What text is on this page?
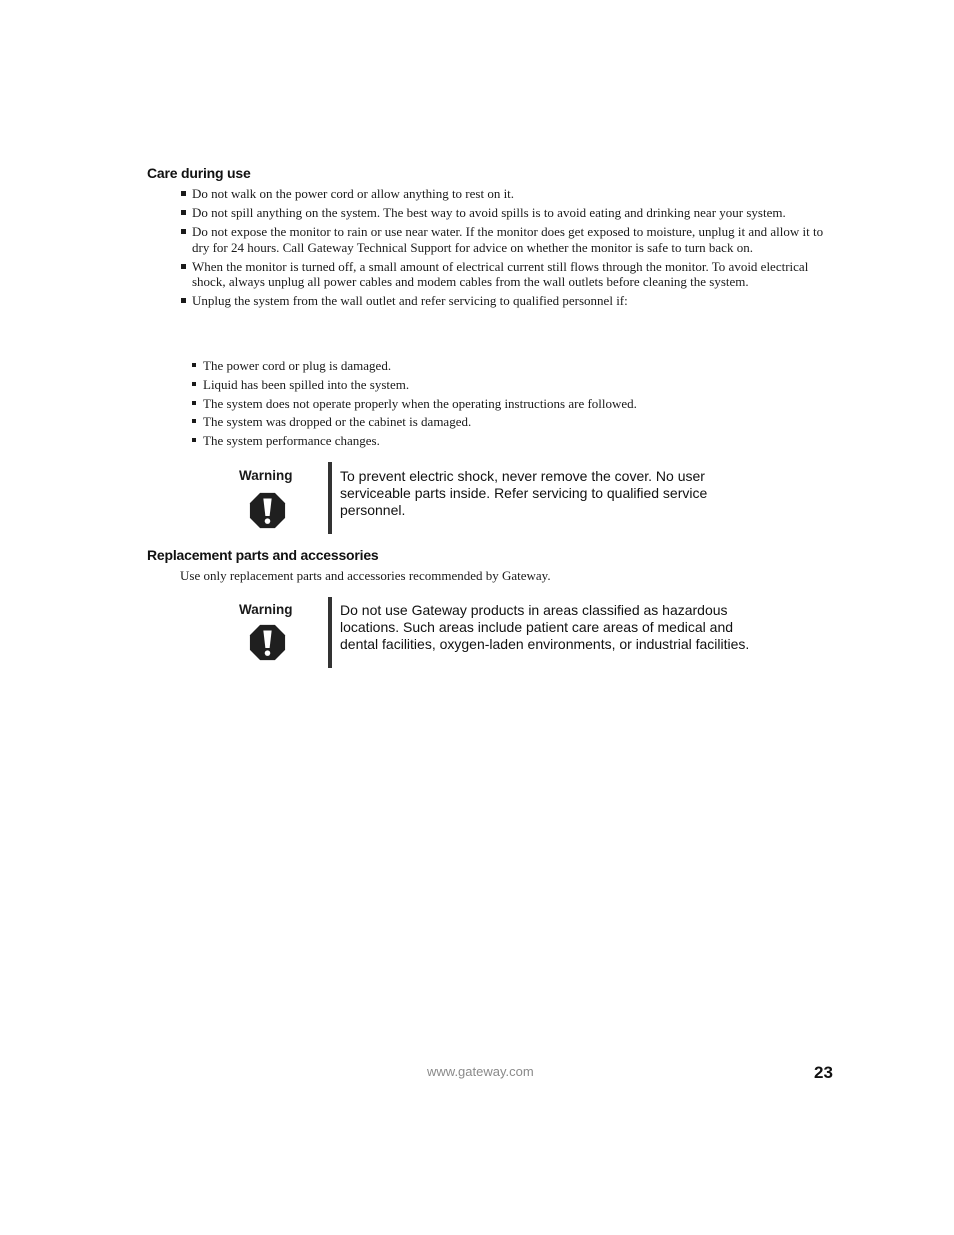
Care during use
Do not walk on the power cord or allow anything to rest on it.
Do not spill anything on the system. The best way to avoid spills is to avoid eating and drinking near your system.
Do not expose the monitor to rain or use near water. If the monitor does get exposed to moisture, unplug it and allow it to dry for 24 hours. Call Gateway Technical Support for advice on whether the monitor is safe to turn back on.
When the monitor is turned off, a small amount of electrical current still flows through the monitor. To avoid electrical shock, always unplug all power cables and modem cables from the wall outlets before cleaning the system.
Unplug the system from the wall outlet and refer servicing to qualified personnel if:
The power cord or plug is damaged.
Liquid has been spilled into the system.
The system does not operate properly when the operating instructions are followed.
The system was dropped or the cabinet is damaged.
The system performance changes.

Warning	To prevent electric shock, never remove the cover. No user
serviceable parts inside. Refer servicing to qualified service
personnel.

Replacement parts and accessories

Use only replacement parts and accessories recommended by Gateway.

Warning	Do not use Gateway products in areas classified as hazardous
locations. Such areas include patient care areas of medical and
dental facilities, oxygen-laden environments, or industrial facilities.

www.gateway.com	23
